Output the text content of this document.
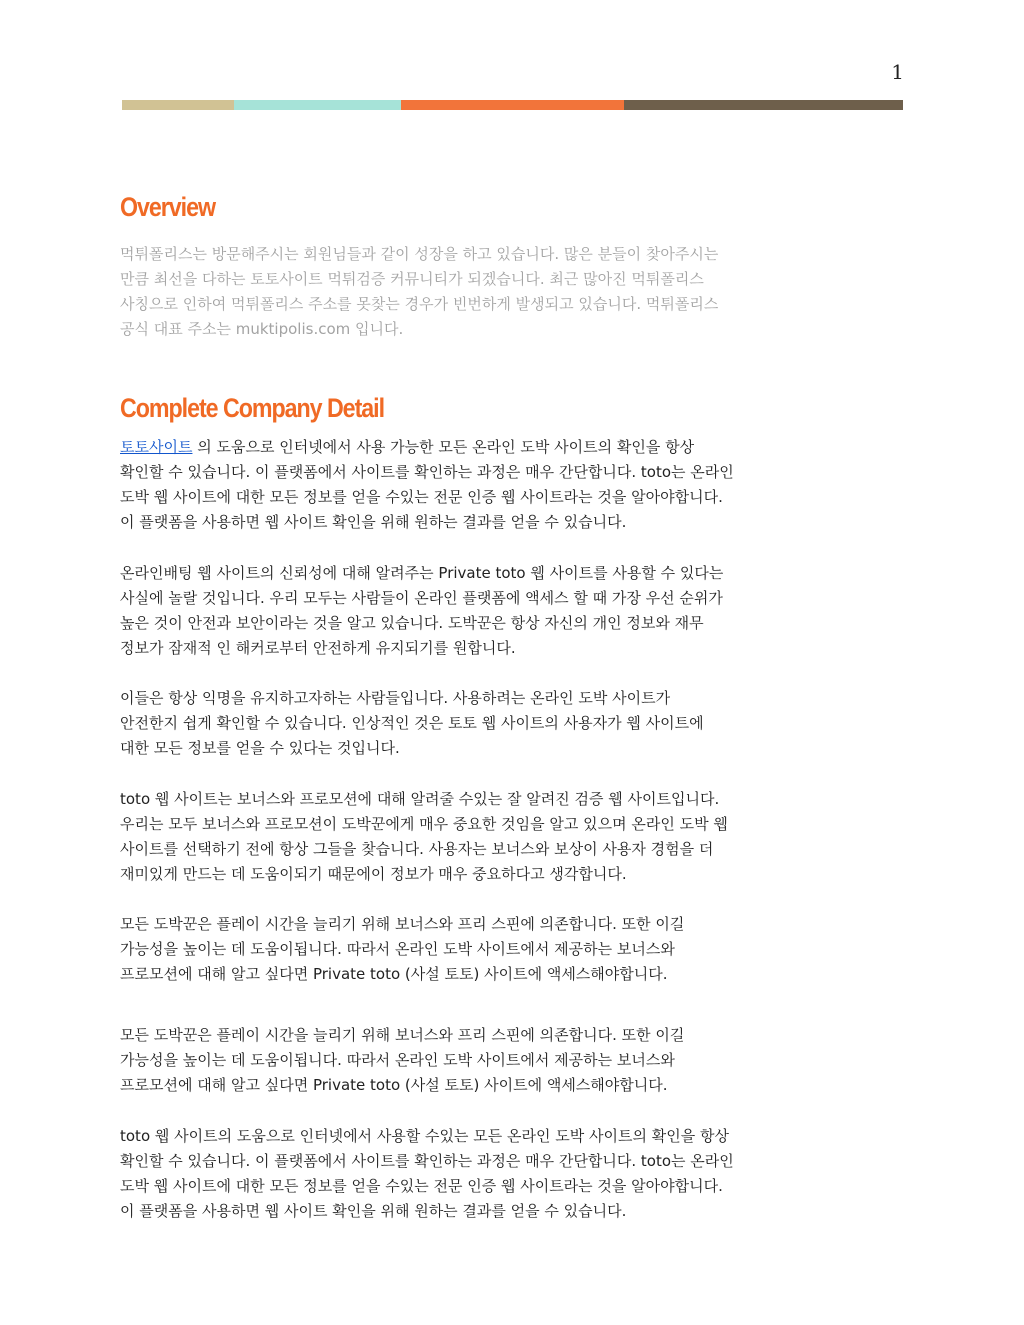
1
Overview

먹튀폴리스는 방문해주시는 회원님들과 같이 성장을 하고 있습니다. 많은 분들이 찾아주시는
만큼 최선을 다하는 토토사이트 먹튀검증 커뮤니티가 되겠습니다. 최근 많아진 먹튀폴리스
사칭으로 인하여 먹튀폴리스 주소를 못찾는 경우가 빈번하게 발생되고 있습니다. 먹튀폴리스
공식 대표 주소는 muktipolis.com 입니다.

Complete Company Detail

토토사이트 의 도움으로 인터넷에서 사용 가능한 모든 온라인 도박 사이트의 확인을 항상
확인할 수 있습니다. 이 플랫폼에서 사이트를 확인하는 과정은 매우 간단합니다. toto는 온라인
도박 웹 사이트에 대한 모든 정보를 얻을 수있는 전문 인증 웹 사이트라는 것을 알아야합니다.
이 플랫폼을 사용하면 웹 사이트 확인을 위해 원하는 결과를 얻을 수 있습니다.

온라인배팅 웹 사이트의 신뢰성에 대해 알려주는 Private toto 웹 사이트를 사용할 수 있다는
사실에 놀랄 것입니다. 우리 모두는 사람들이 온라인 플랫폼에 액세스 할 때 가장 우선 순위가
높은 것이 안전과 보안이라는 것을 알고 있습니다. 도박꾼은 항상 자신의 개인 정보와 재무
정보가 잠재적 인 해커로부터 안전하게 유지되기를 원합니다.

이들은 항상 익명을 유지하고자하는 사람들입니다. 사용하려는 온라인 도박 사이트가
안전한지 쉽게 확인할 수 있습니다. 인상적인 것은 토토 웹 사이트의 사용자가 웹 사이트에
대한 모든 정보를 얻을 수 있다는 것입니다.

toto 웹 사이트는 보너스와 프로모션에 대해 알려줄 수있는 잘 알려진 검증 웹 사이트입니다.
우리는 모두 보너스와 프로모션이 도박꾼에게 매우 중요한 것임을 알고 있으며 온라인 도박 웹
사이트를 선택하기 전에 항상 그들을 찾습니다. 사용자는 보너스와 보상이 사용자 경험을 더
재미있게 만드는 데 도움이되기 때문에이 정보가 매우 중요하다고 생각합니다.

모든 도박꾼은 플레이 시간을 늘리기 위해 보너스와 프리 스핀에 의존합니다. 또한 이길
가능성을 높이는 데 도움이됩니다. 따라서 온라인 도박 사이트에서 제공하는 보너스와
프로모션에 대해 알고 싶다면 Private toto (사설 토토) 사이트에 액세스해야합니다.

모든 도박꾼은 플레이 시간을 늘리기 위해 보너스와 프리 스핀에 의존합니다. 또한 이길
가능성을 높이는 데 도움이됩니다. 따라서 온라인 도박 사이트에서 제공하는 보너스와
프로모션에 대해 알고 싶다면 Private toto (사설 토토) 사이트에 액세스해야합니다.

toto 웹 사이트의 도움으로 인터넷에서 사용할 수있는 모든 온라인 도박 사이트의 확인을 항상
확인할 수 있습니다. 이 플랫폼에서 사이트를 확인하는 과정은 매우 간단합니다. toto는 온라인
도박 웹 사이트에 대한 모든 정보를 얻을 수있는 전문 인증 웹 사이트라는 것을 알아야합니다.
이 플랫폼을 사용하면 웹 사이트 확인을 위해 원하는 결과를 얻을 수 있습니다.
